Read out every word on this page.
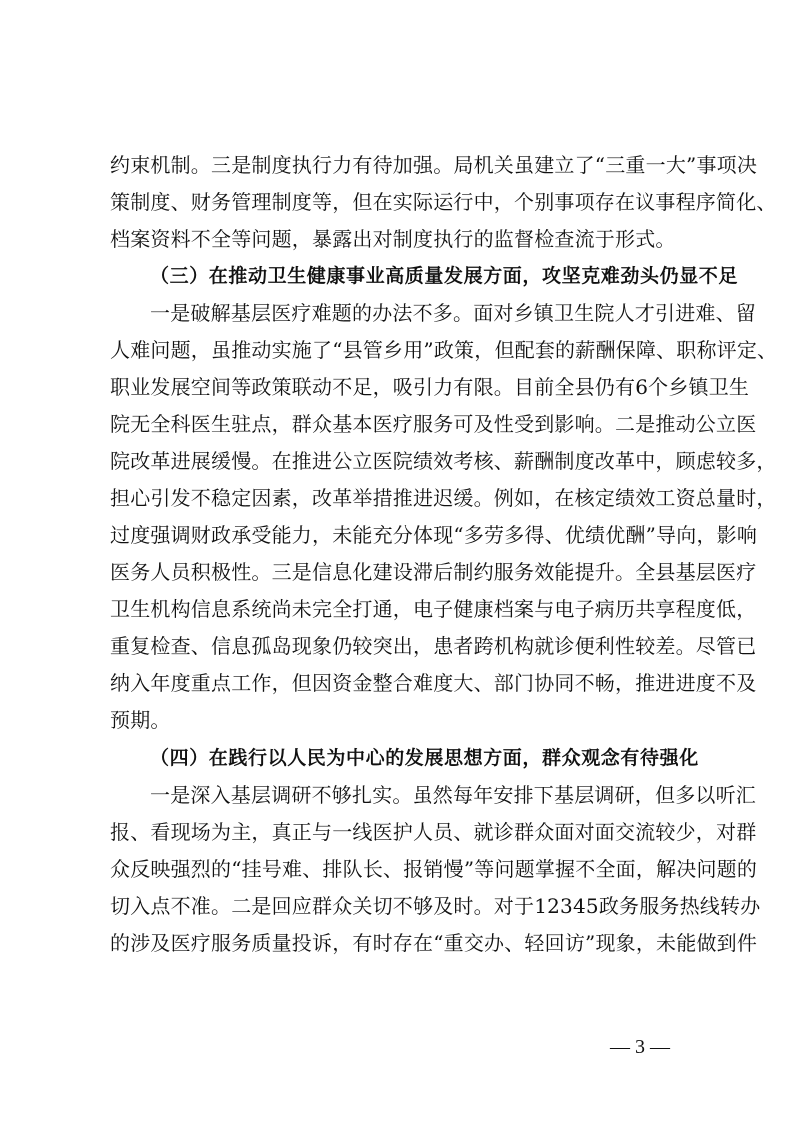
约束机制。三是制度执行力有待加强。局机关虽建立了“三重一大”事项决
策制度、财务管理制度等，但在实际运行中，个别事项存在议事程序简化、
档案资料不全等问题，暴露出对制度执行的监督检查流于形式。
（三）在推动卫生健康事业高质量发展方面，攻坚克难劲头仍显不足
一是破解基层医疗难题的办法不多。面对乡镇卫生院人才引进难、留
人难问题，虽推动实施了“县管乡用”政策，但配套的薪酬保障、职称评定、
职业发展空间等政策联动不足，吸引力有限。目前全县仍有6个乡镇卫生
院无全科医生驻点，群众基本医疗服务可及性受到影响。二是推动公立医
院改革进展缓慢。在推进公立医院绩效考核、薪酬制度改革中，顾虑较多，
担心引发不稳定因素，改革举措推进迟缓。例如，在核定绩效工资总量时，
过度强调财政承受能力，未能充分体现“多劳多得、优绩优酬”导向，影响
医务人员积极性。三是信息化建设滞后制约服务效能提升。全县基层医疗
卫生机构信息系统尚未完全打通，电子健康档案与电子病历共享程度低，
重复检查、信息孤岛现象仍较突出，患者跨机构就诊便利性较差。尽管已
纳入年度重点工作，但因资金整合难度大、部门协同不畅，推进进度不及
预期。
（四）在践行以人民为中心的发展思想方面，群众观念有待强化
一是深入基层调研不够扎实。虽然每年安排下基层调研，但多以听汇
报、看现场为主，真正与一线医护人员、就诊群众面对面交流较少，对群
众反映强烈的“挂号难、排队长、报销慢”等问题掌握不全面，解决问题的
切入点不准。二是回应群众关切不够及时。对于12345政务服务热线转办
的涉及医疗服务质量投诉，有时存在“重交办、轻回访”现象，未能做到件
— 3 —
